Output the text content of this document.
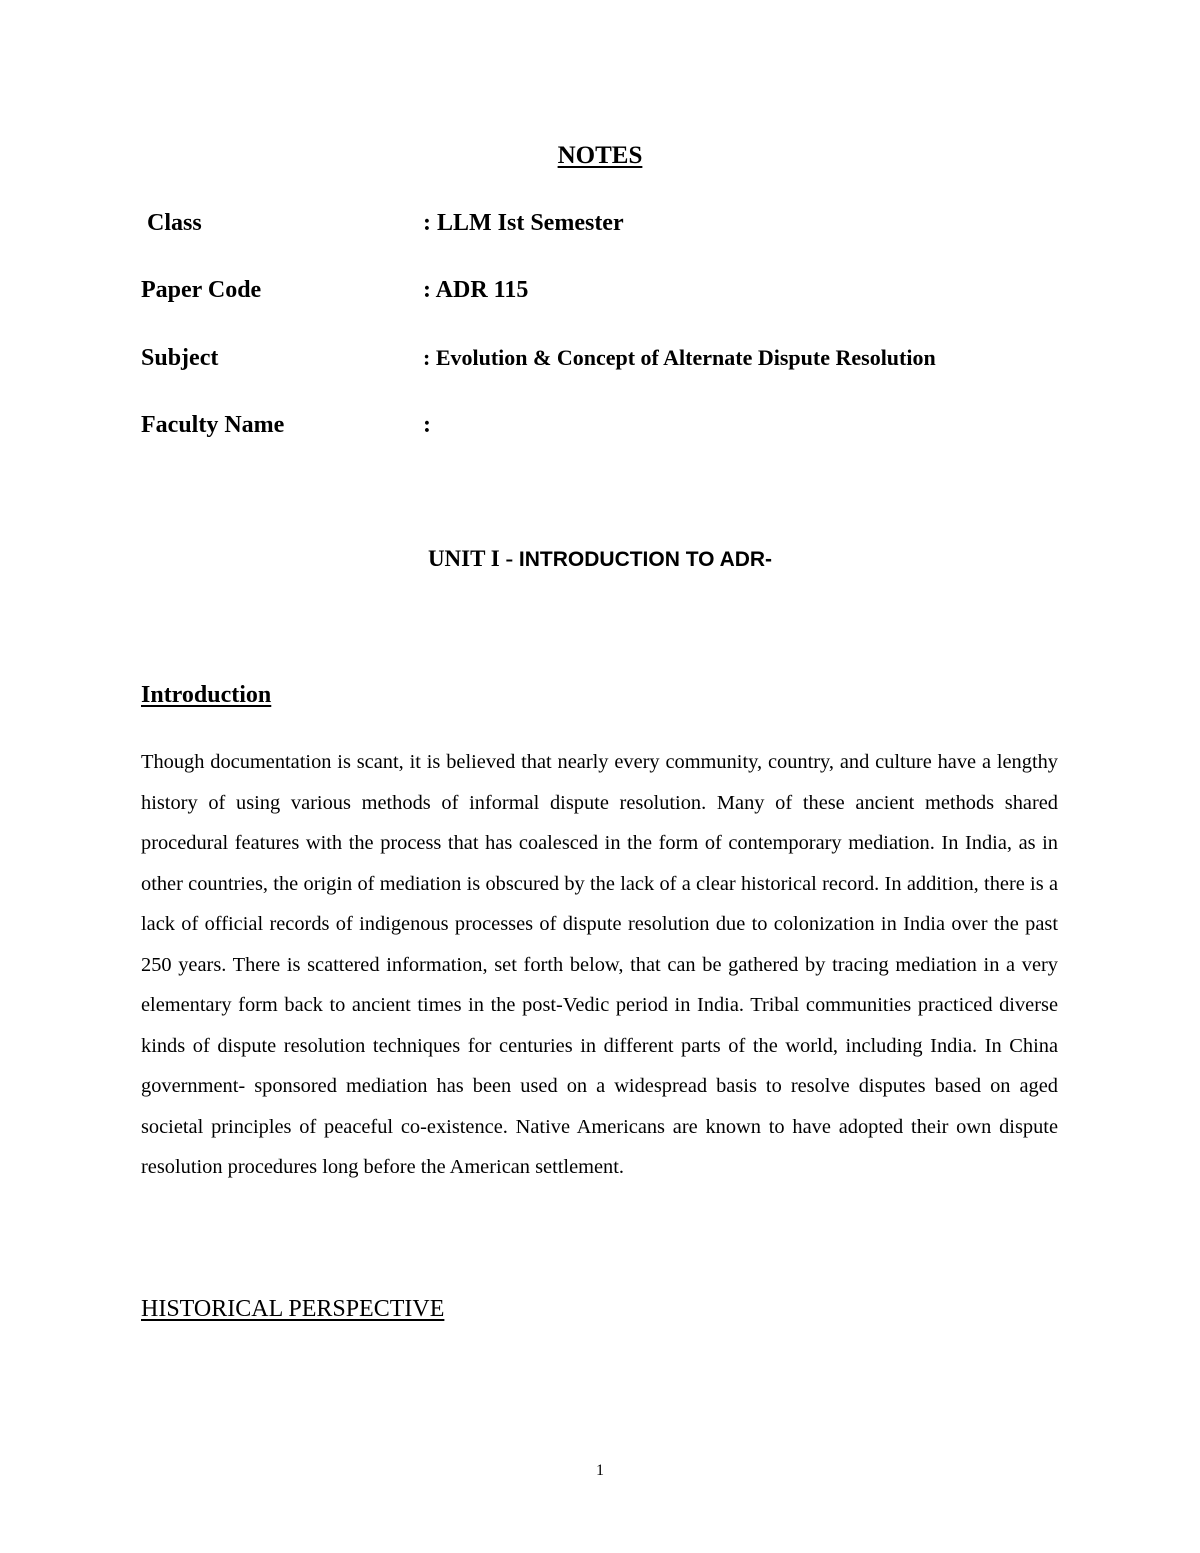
NOTES
Class	: LLM Ist Semester
Paper Code	: ADR 115
Subject	: Evolution & Concept of Alternate Dispute Resolution
Faculty Name	:
UNIT I - INTRODUCTION TO ADR-
Introduction

Though documentation is scant, it is believed that nearly every community, country, and culture have a lengthy history of using various methods of informal dispute resolution. Many of these ancient methods shared procedural features with the process that has coalesced in the form of contemporary mediation. In India, as in other countries, the origin of mediation is obscured by the lack of a clear historical record. In addition, there is a lack of official records of indigenous processes of dispute resolution due to colonization in India over the past 250 years. There is scattered information, set forth below, that can be gathered by tracing mediation in a very elementary form back to ancient times in the post-Vedic period in India. Tribal communities practiced diverse kinds of dispute resolution techniques for centuries in different parts of the world, including India. In China government- sponsored mediation has been used on a widespread basis to resolve disputes based on aged societal principles of peaceful co-existence. Native Americans are known to have adopted their own dispute resolution procedures long before the American settlement.

HISTORICAL PERSPECTIVE
1
